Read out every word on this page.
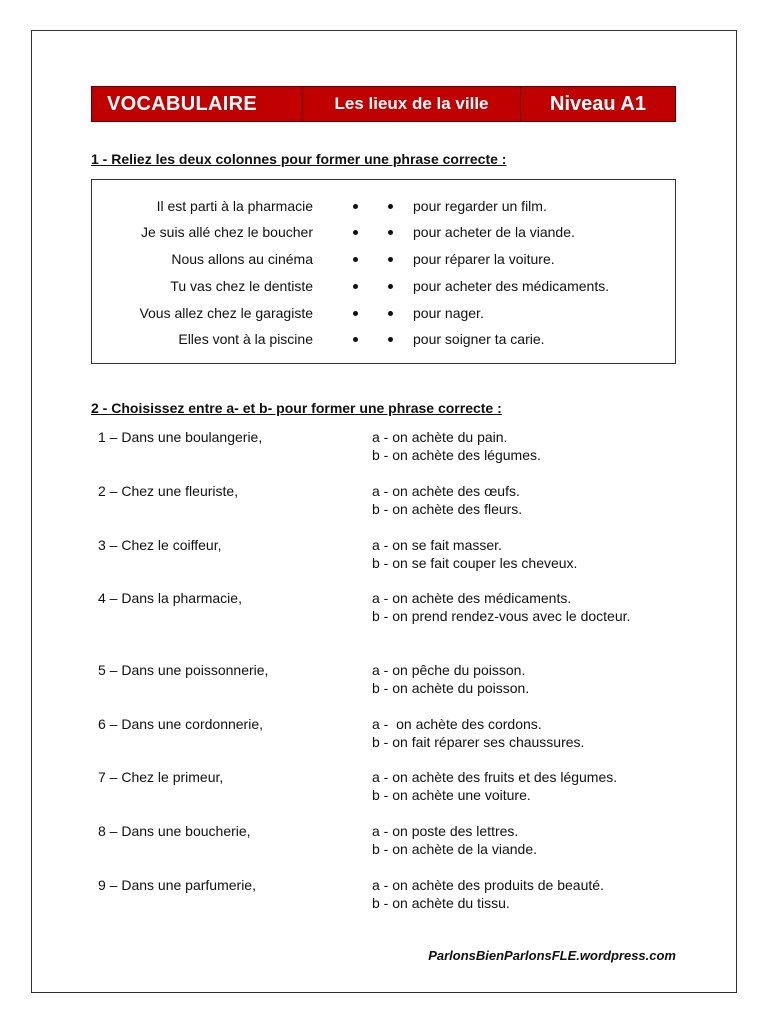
VOCABULAIRE	Les lieux de la ville	Niveau A1
1 - Reliez les deux colonnes pour former une phrase correcte :
Il est parti à la pharmacie	pour regarder un film.
Je suis allé chez le boucher	pour acheter de la viande.
Nous allons au cinéma	pour réparer la voiture.
Tu vas chez le dentiste	pour acheter des médicaments.
Vous allez chez le garagiste	pour nager.
Elles vont à la piscine	pour soigner ta carie.
2 - Choisissez entre a- et b- pour former une phrase correcte :
1 – Dans une boulangerie,	a - on achète du pain.
b - on achète des légumes.
2 – Chez une fleuriste,	a - on achète des œufs.
b - on achète des fleurs.
3 – Chez le coiffeur,	a - on se fait masser.
b - on se fait couper les cheveux.
4 – Dans la pharmacie,	a - on achète des médicaments.
b - on prend rendez-vous avec le docteur.
5 – Dans une poissonnerie,	a - on pêche du poisson.
b - on achète du poisson.
6 – Dans une cordonnerie,	a -  on achète des cordons.
b - on fait réparer ses chaussures.
7 – Chez le primeur,	a - on achète des fruits et des légumes.
b - on achète une voiture.
8 – Dans une boucherie,	a - on poste des lettres.
b - on achète de la viande.
9 – Dans une parfumerie,	a - on achète des produits de beauté.
b - on achète du tissu.
ParlonsBienParlonsFLE.wordpress.com
